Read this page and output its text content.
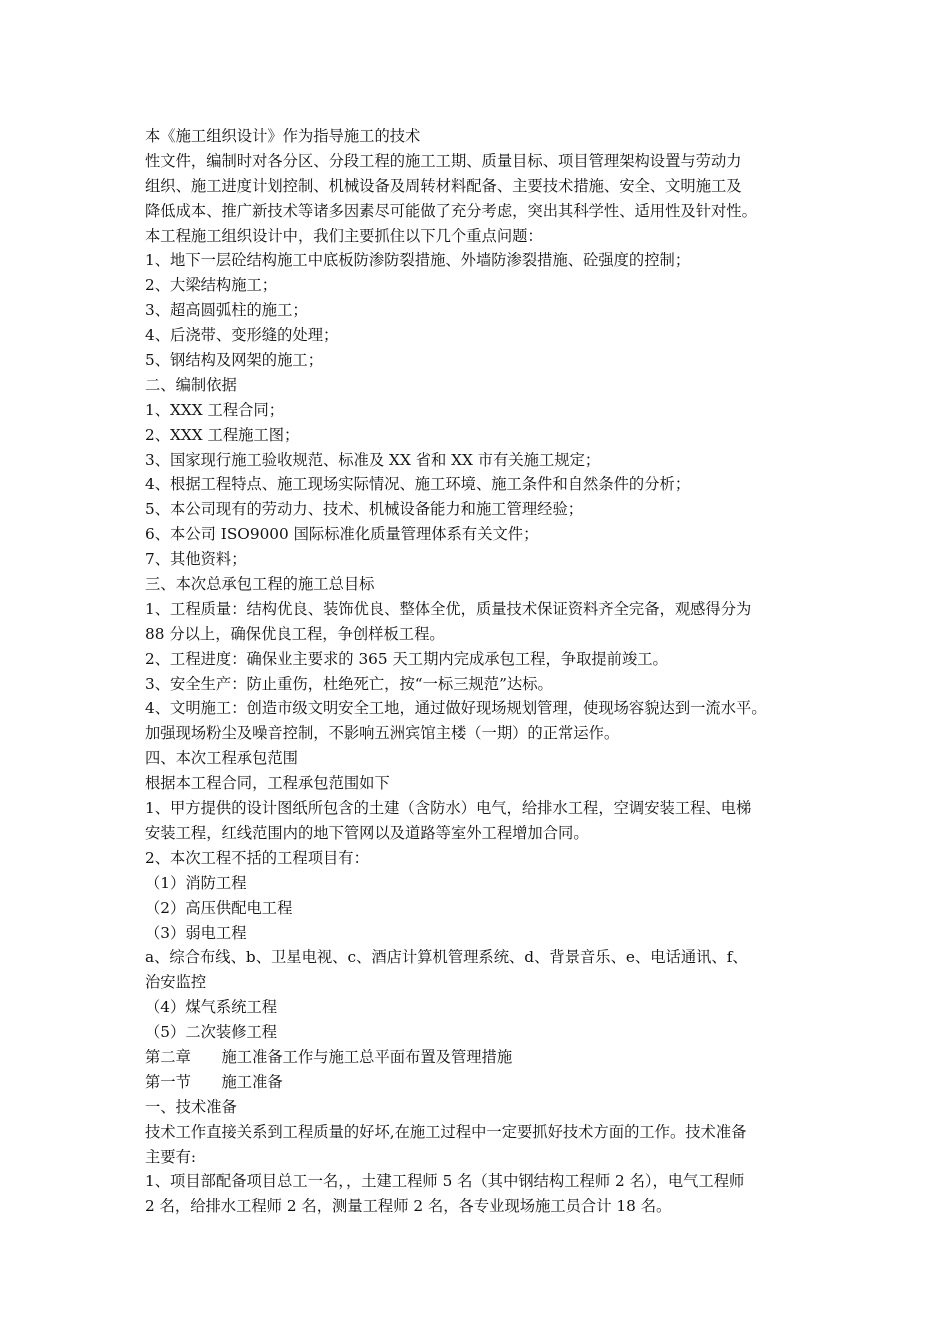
本《施工组织设计》作为指导施工的技术
性文件，编制时对各分区、分段工程的施工工期、质量目标、项目管理架构设置与劳动力
组织、施工进度计划控制、机械设备及周转材料配备、主要技术措施、安全、文明施工及
降低成本、推广新技术等诸多因素尽可能做了充分考虑，突出其科学性、适用性及针对性。
本工程施工组织设计中，我们主要抓住以下几个重点问题：
1、地下一层砼结构施工中底板防渗防裂措施、外墙防渗裂措施、砼强度的控制；
2、大梁结构施工；
3、超高圆弧柱的施工；
4、后浇带、变形缝的处理；
5、钢结构及网架的施工；
二、编制依据
1、XXX 工程合同；
2、XXX 工程施工图；
3、国家现行施工验收规范、标准及 XX 省和 XX 市有关施工规定；
4、根据工程特点、施工现场实际情况、施工环境、施工条件和自然条件的分析；
5、本公司现有的劳动力、技术、机械设备能力和施工管理经验；
6、本公司 ISO9000 国际标准化质量管理体系有关文件；
7、其他资料；
三、本次总承包工程的施工总目标
1、工程质量：结构优良、装饰优良、整体全优，质量技术保证资料齐全完备，观感得分为
88 分以上，确保优良工程，争创样板工程。
2、工程进度：确保业主要求的 365 天工期内完成承包工程，争取提前竣工。
3、安全生产：防止重伤，杜绝死亡，按“一标三规范”达标。
4、文明施工：创造市级文明安全工地，通过做好现场规划管理，使现场容貌达到一流水平。
加强现场粉尘及噪音控制，不影响五洲宾馆主楼（一期）的正常运作。
四、本次工程承包范围
根据本工程合同，工程承包范围如下
1、甲方提供的设计图纸所包含的土建（含防水）电气，给排水工程，空调安装工程、电梯
安装工程，红线范围内的地下管网以及道路等室外工程增加合同。
2、本次工程不括的工程项目有：
（1）消防工程
（2）高压供配电工程
（3）弱电工程
a、综合布线、b、卫星电视、c、酒店计算机管理系统、d、背景音乐、e、电话通讯、f、
治安监控
（4）煤气系统工程
（5）二次装修工程
第二章　　施工准备工作与施工总平面布置及管理措施
第一节　　施工准备
一、技术准备
技术工作直接关系到工程质量的好坏,在施工过程中一定要抓好技术方面的工作。技术准备
主要有:
1、项目部配备项目总工一名，，土建工程师 5 名（其中钢结构工程师 2 名），电气工程师
2 名，给排水工程师 2 名，测量工程师 2 名，各专业现场施工员合计 18 名。
